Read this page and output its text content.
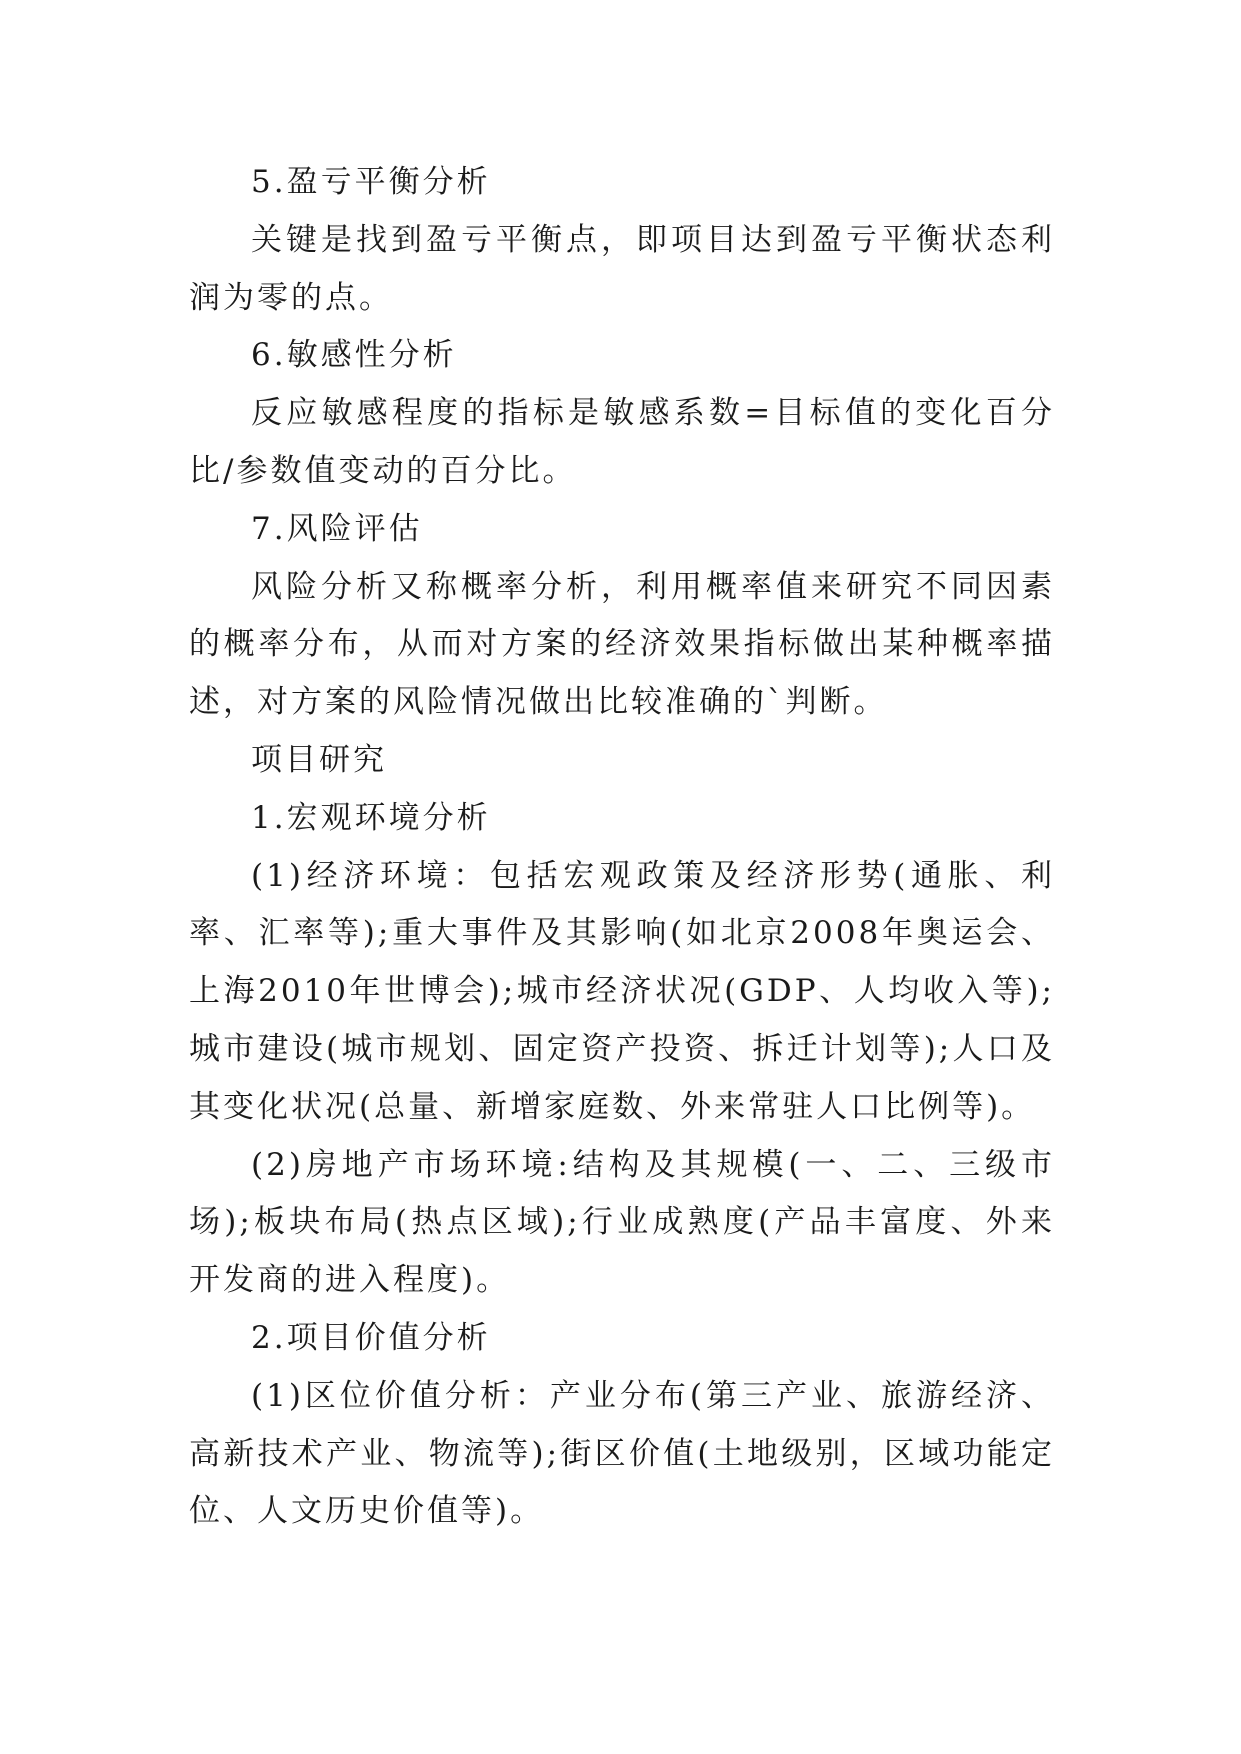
5.盈亏平衡分析

关键是找到盈亏平衡点，即项目达到盈亏平衡状态利润为零的点。

6.敏感性分析

反应敏感程度的指标是敏感系数=目标值的变化百分比/参数值变动的百分比。

7.风险评估

风险分析又称概率分析，利用概率值来研究不同因素的概率分布，从而对方案的经济效果指标做出某种概率描述，对方案的风险情况做出比较准确的`判断。

项目研究

1.宏观环境分析

(1)经济环境：包括宏观政策及经济形势(通胀、利率、汇率等);重大事件及其影响(如北京2008年奥运会、上海2010年世博会);城市经济状况(GDP、人均收入等);城市建设(城市规划、固定资产投资、拆迁计划等);人口及其变化状况(总量、新增家庭数、外来常驻人口比例等)。

(2)房地产市场环境:结构及其规模(一、二、三级市场);板块布局(热点区域);行业成熟度(产品丰富度、外来开发商的进入程度)。

2.项目价值分析

(1)区位价值分析：产业分布(第三产业、旅游经济、高新技术产业、物流等);街区价值(土地级别，区域功能定位、人文历史价值等)。
